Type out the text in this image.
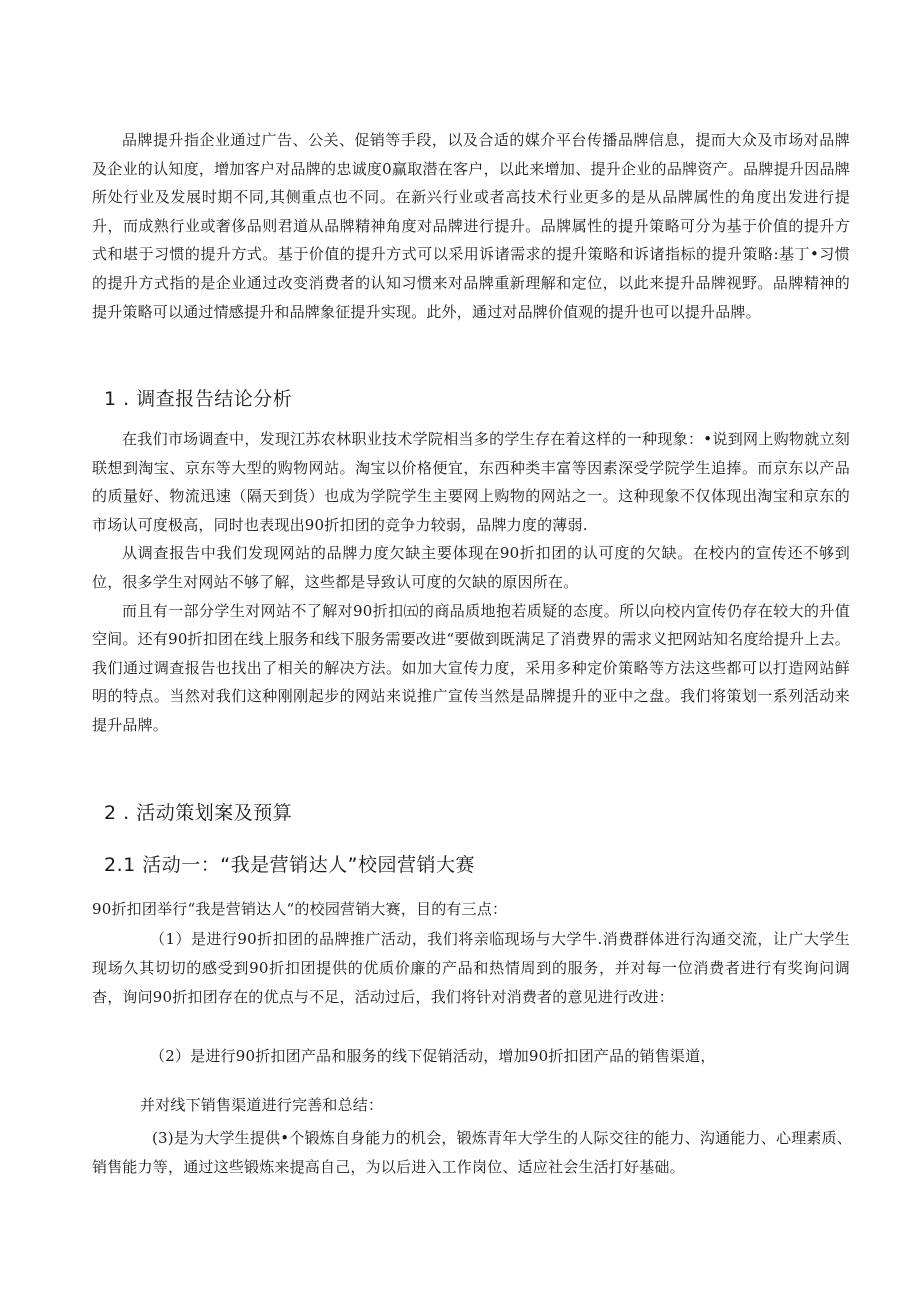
品牌提升指企业通过广告、公关、促销等手段，以及合适的媒介平台传播品牌信息，提而大众及市场对品牌及企业的认知度，增加客户对品牌的忠诚度0赢取潜在客户，以此来增加、提升企业的品牌资产。品牌提升因品牌所处行业及发展时期不同,其侧重点也不同。在新兴行业或者高技术行业更多的是从品牌属性的角度出发进行提升，而成熟行业或奢侈品则君道从品牌精神角度对品牌进行提升。品牌属性的提升策略可分为基于价值的提升方式和堪于习惯的提升方式。基于价值的提升方式可以采用诉诸需求的提升策略和诉诸指标的提升策略:基丁•习惯的提升方式指的是企业通过改变消费者的认知习惯来对品牌重新理解和定位，以此来提升品牌视野。品牌精神的提升策略可以通过情感提升和品牌象征提升实现。此外，通过对品牌价值观的提升也可以提升品牌。

1 . 调查报告结论分析

在我们市场调查中，发现江苏农林职业技术学院相当多的学生存在着这样的一种现象：•说到网上购物就立刻联想到淘宝、京东等大型的购物网站。淘宝以价格便宜，东西种类丰富等因素深受学院学生追捧。而京东以产品的质量好、物流迅速（隔天到货）也成为学院学生主要网上购物的网站之一。这种现象不仅体现出淘宝和京东的市场认可度极高，同时也表现出90折扣团的竞争力较弱，品牌力度的薄弱.

从调查报告中我们发现网站的品牌力度欠缺主要体现在90折扣团的认可度的欠缺。在校内的宣传还不够到位，很多学生对网站不够了解，这些都是导致认可度的欠缺的原因所在。

而且有一部分学生对网站不了解对90折扣㈤的商品质地抱若质疑的态度。所以向校内宣传仍存在较大的升值空间。还有90折扣团在线上服务和线下服务需要改进“要做到既满足了消费界的需求义把网站知名度给提升上去。我们通过调查报告也找出了相关的解决方法。如加大宣传力度，采用多种定价策略等方法这些都可以打造网站鲜明的特点。当然对我们这种刚刚起步的网站来说推广宣传当然是品牌提升的亚中之盘。我们将策划一系列活动来提升品牌。

2 . 活动策划案及预算
2.1 活动一：“我是营销达人”校园营销大赛

90折扣团举行“我是营销达人“的校园营销大赛，目的有三点：

（1）是进行90折扣团的品牌推广活动，我们将亲临现场与大学牛.消费群体进行沟通交流，让广大学生现场久其切切的感受到90折扣团提供的优质价廉的产品和热情周到的服务，并对每一位消费者进行有奖询问调杳，询问90折扣团存在的优点与不足，活动过后，我们将针对消费者的意见进行改进：

（2）是进行90折扣团产品和服务的线下促销活动，增加90折扣团产品的销售渠道，

并对线下销售渠道进行完善和总结：

(3)是为大学生提供•个锻炼自身能力的机会，锻炼青年大学生的人际交往的能力、沟通能力、心理素质、销售能力等，通过这些锻炼来提高自己，为以后进入工作岗位、适应社会生活打好基础。
